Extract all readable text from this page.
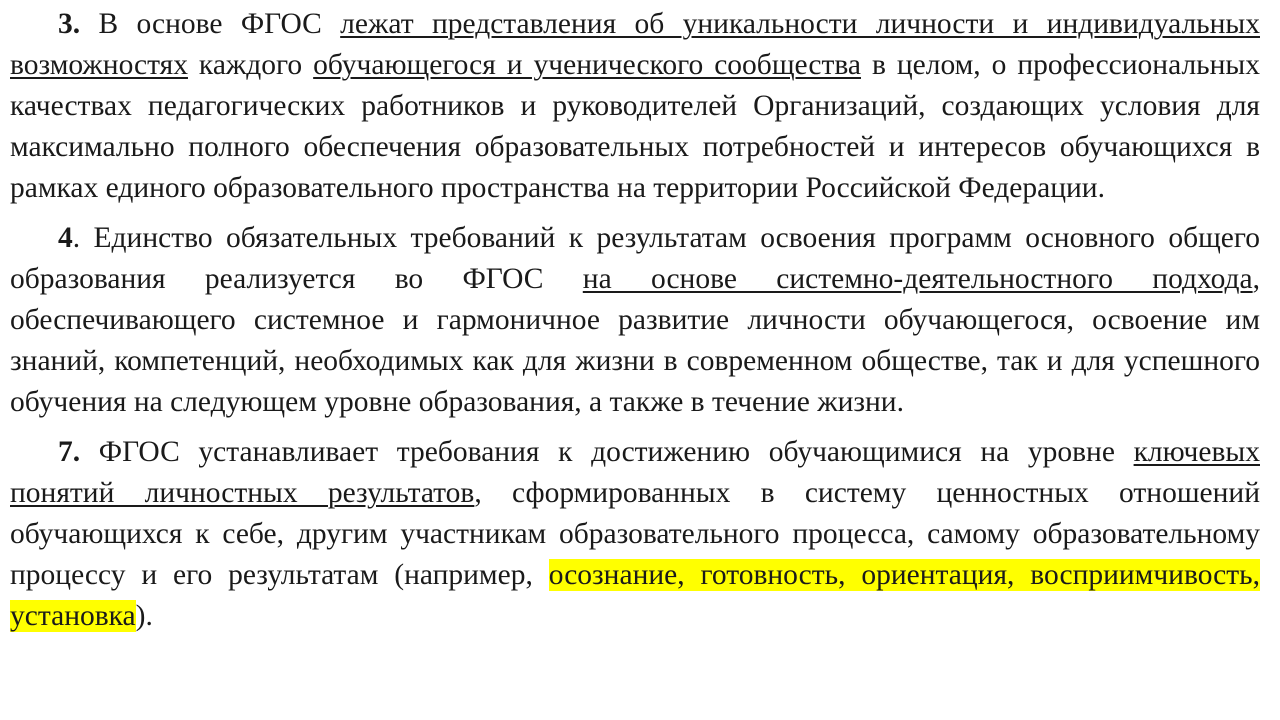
3. В основе ФГОС лежат представления об уникальности личности и индивидуальных возможностях каждого обучающегося и ученического сообщества в целом, о профессиональных качествах педагогических работников и руководителей Организаций, создающих условия для максимально полного обеспечения образовательных потребностей и интересов обучающихся в рамках единого образовательного пространства на территории Российской Федерации.

4. Единство обязательных требований к результатам освоения программ основного общего образования реализуется во ФГОС на основе системно-деятельностного подхода, обеспечивающего системное и гармоничное развитие личности обучающегося, освоение им знаний, компетенций, необходимых как для жизни в современном обществе, так и для успешного обучения на следующем уровне образования, а также в течение жизни.

7. ФГОС устанавливает требования к достижению обучающимися на уровне ключевых понятий личностных результатов, сформированных в систему ценностных отношений обучающихся к себе, другим участникам образовательного процесса, самому образовательному процессу и его результатам (например, осознание, готовность, ориентация, восприимчивость, установка).
